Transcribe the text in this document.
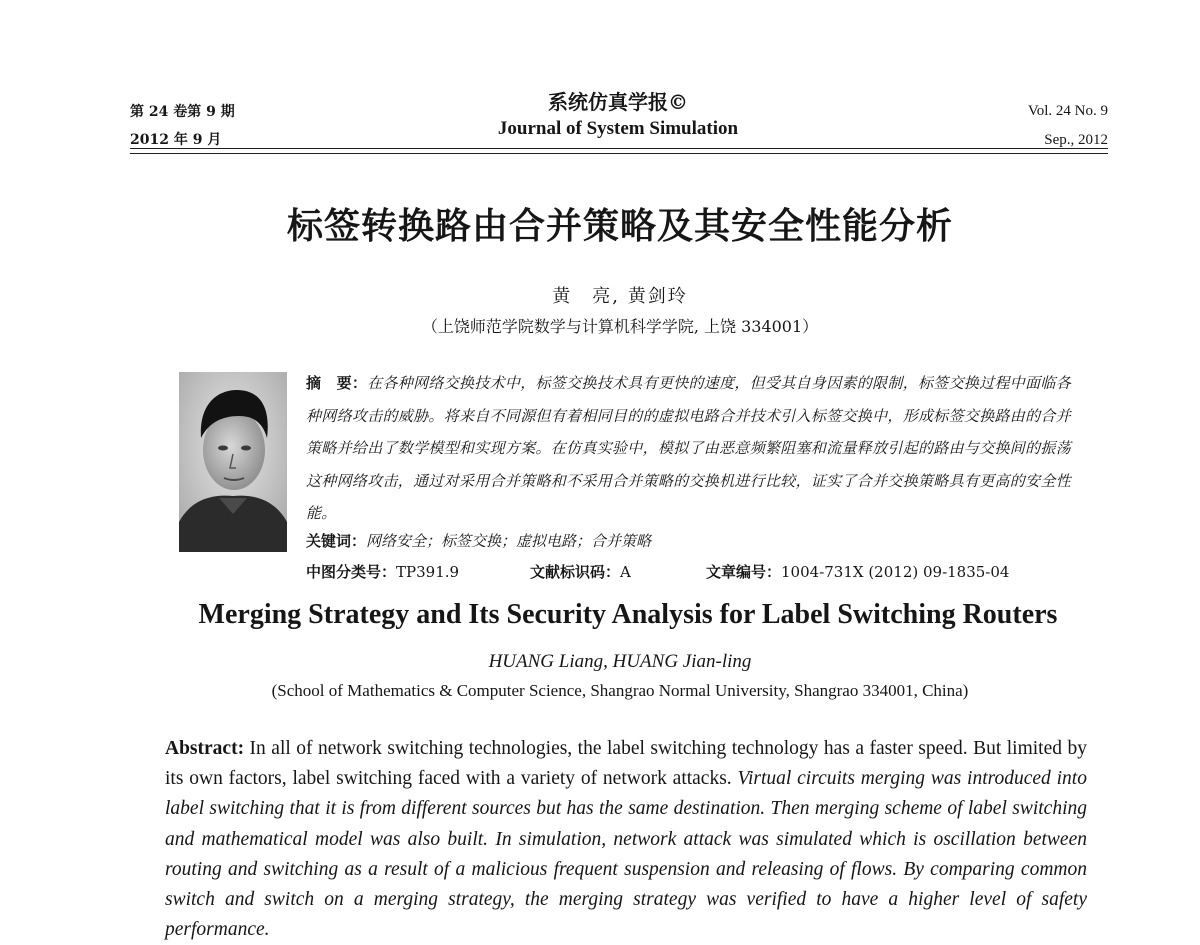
第 24 卷第 9 期
2012 年 9 月
系统仿真学报©
Journal of System Simulation
Vol. 24 No. 9
Sep., 2012
标签转换路由合并策略及其安全性能分析
黄　亮, 黄剑玲
（上饶师范学院数学与计算机科学学院, 上饶 334001）
摘　要：在各种网络交换技术中，标签交换技术具有更快的速度，但受其自身因素的限制，标签交换过程中面临各种网络攻击的威胁。将来自不同源但有着相同目的的虚拟电路合并技术引入标签交换中，形成标签交换路由的合并策略并给出了数学模型和实现方案。在仿真实验中，模拟了由恶意频繁阻塞和流量释放引起的路由与交换间的振荡这种网络攻击，通过对采用合并策略和不采用合并策略的交换机进行比较，证实了合并交换策略具有更高的安全性能。
关键词：网络安全；标签交换；虚拟电路；合并策略
中图分类号：TP391.9	文献标识码：A	文章编号：1004-731X (2012) 09-1835-04
Merging Strategy and Its Security Analysis for Label Switching Routers
HUANG Liang, HUANG Jian-ling
(School of Mathematics & Computer Science, Shangrao Normal University, Shangrao 334001, China)
Abstract: In all of network switching technologies, the label switching technology has a faster speed. But limited by its own factors, label switching faced with a variety of network attacks. Virtual circuits merging was introduced into label switching that it is from different sources but has the same destination. Then merging scheme of label switching and mathematical model was also built. In simulation, network attack was simulated which is oscillation between routing and switching as a result of a malicious frequent suspension and releasing of flows. By comparing common switch and switch on a merging strategy, the merging strategy was verified to have a higher level of safety performance.
